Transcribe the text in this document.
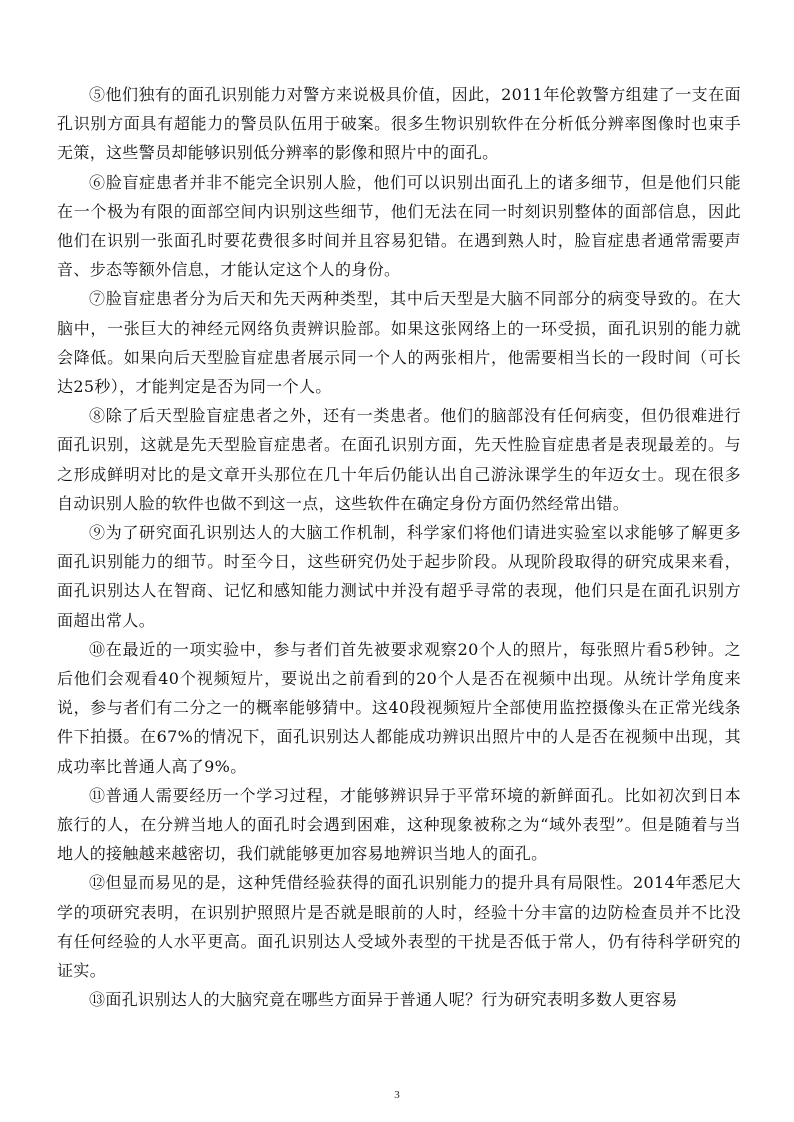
⑤他们独有的面孔识别能力对警方来说极具价值，因此，2011年伦敦警方组建了一支在面孔识别方面具有超能力的警员队伍用于破案。很多生物识别软件在分析低分辨率图像时也束手无策，这些警员却能够识别低分辨率的影像和照片中的面孔。

⑥脸盲症患者并非不能完全识别人脸，他们可以识别出面孔上的诸多细节，但是他们只能在一个极为有限的面部空间内识别这些细节，他们无法在同一时刻识别整体的面部信息，因此他们在识别一张面孔时要花费很多时间并且容易犯错。在遇到熟人时，脸盲症患者通常需要声音、步态等额外信息，才能认定这个人的身份。

⑦脸盲症患者分为后天和先天两种类型，其中后天型是大脑不同部分的病变导致的。在大脑中，一张巨大的神经元网络负责辨识脸部。如果这张网络上的一环受损，面孔识别的能力就会降低。如果向后天型脸盲症患者展示同一个人的两张相片，他需要相当长的一段时间（可长达25秒），才能判定是否为同一个人。

⑧除了后天型脸盲症患者之外，还有一类患者。他们的脑部没有任何病变，但仍很难进行面孔识别，这就是先天型脸盲症患者。在面孔识别方面，先天性脸盲症患者是表现最差的。与之形成鲜明对比的是文章开头那位在几十年后仍能认出自己游泳课学生的年迈女士。现在很多自动识别人脸的软件也做不到这一点，这些软件在确定身份方面仍然经常出错。

⑨为了研究面孔识别达人的大脑工作机制，科学家们将他们请进实验室以求能够了解更多面孔识别能力的细节。时至今日，这些研究仍处于起步阶段。从现阶段取得的研究成果来看，面孔识别达人在智商、记忆和感知能力测试中并没有超乎寻常的表现，他们只是在面孔识别方面超出常人。

⑩在最近的一项实验中，参与者们首先被要求观察20个人的照片，每张照片看5秒钟。之后他们会观看40个视频短片，要说出之前看到的20个人是否在视频中出现。从统计学角度来说，参与者们有二分之一的概率能够猜中。这40段视频短片全部使用监控摄像头在正常光线条件下拍摄。在67%的情况下，面孔识别达人都能成功辨识出照片中的人是否在视频中出现，其成功率比普通人高了9%。

⑪普通人需要经历一个学习过程，才能够辨识异于平常环境的新鲜面孔。比如初次到日本旅行的人，在分辨当地人的面孔时会遇到困难，这种现象被称之为“域外表型”。但是随着与当地人的接触越来越密切，我们就能够更加容易地辨识当地人的面孔。

⑫但显而易见的是，这种凭借经验获得的面孔识别能力的提升具有局限性。2014年悉尼大学的项研究表明，在识别护照照片是否就是眼前的人时，经验十分丰富的边防检查员并不比没有任何经验的人水平更高。面孔识别达人受域外表型的干扰是否低于常人，仍有待科学研究的证实。

⑬面孔识别达人的大脑究竟在哪些方面异于普通人呢？行为研究表明多数人更容易

3
